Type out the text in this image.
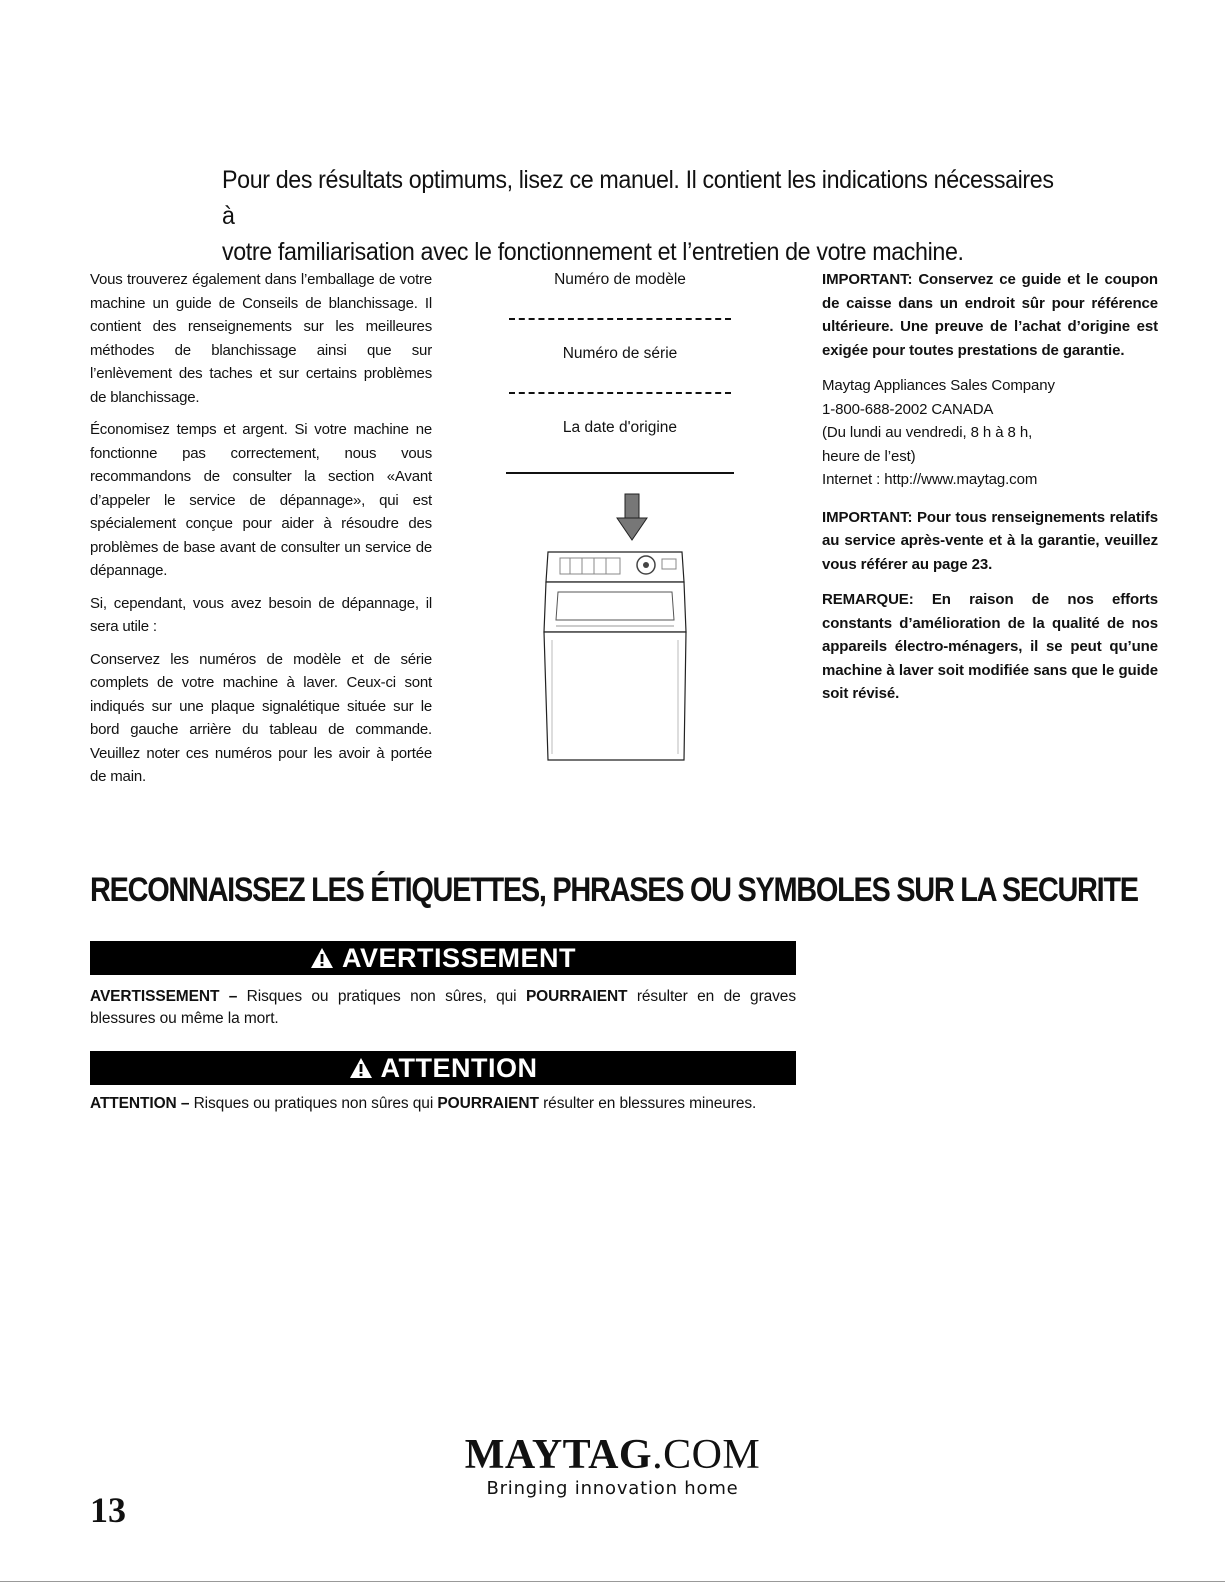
Pour des résultats optimums, lisez ce manuel. Il contient les indications nécessaires à
votre familiarisation avec le fonctionnement et l’entretien de votre machine.

Vous trouverez également dans l’emballage de votre machine un guide de Conseils de blanchissage. Il contient des renseignements sur les meilleures méthodes de blanchissage ainsi que sur l’enlèvement des taches et sur certains problèmes de blanchissage.

Économisez temps et argent. Si votre machine ne fonctionne pas correctement, nous vous recommandons de consulter la section «Avant d’appeler le service de dépannage», qui est spécialement conçue pour aider à résoudre des problèmes de base avant de consulter un service de dépannage.

Si, cependant, vous avez besoin de dépannage, il sera utile :

Conservez les numéros de modèle et de série complets de votre machine à laver. Ceux-ci sont indiqués sur une plaque signalétique située sur le bord gauche arrière du tableau de commande. Veuillez noter ces numéros pour les avoir à portée de main.

Numéro de modèle
Numéro de série
La date d'origine

IMPORTANT: Conservez ce guide et le coupon de caisse dans un endroit sûr pour référence ultérieure. Une preuve de l’achat d’origine est exigée pour toutes prestations de garantie.

Maytag Appliances Sales Company
1-800-688-2002 CANADA
(Du lundi au vendredi, 8 h à 8 h,
heure de l’est)
Internet : http://www.maytag.com

IMPORTANT: Pour tous renseignements relatifs au service après-vente et à la garantie, veuillez vous référer au page 23.

REMARQUE: En raison de nos efforts constants d’amélioration de la qualité de nos appareils électro-ménagers, il se peut qu’une machine à laver soit modifiée sans que le guide soit révisé.

RECONNAISSEZ LES ÉTIQUETTES, PHRASES OU SYMBOLES SUR LA SECURITE
AVERTISSEMENT
AVERTISSEMENT – Risques ou pratiques non sûres, qui POURRAIENT résulter en de graves blessures ou même la mort.
ATTENTION
ATTENTION – Risques ou pratiques non sûres qui POURRAIENT résulter en blessures mineures.
MAYTAG.COM
Bringing innovation home
13
